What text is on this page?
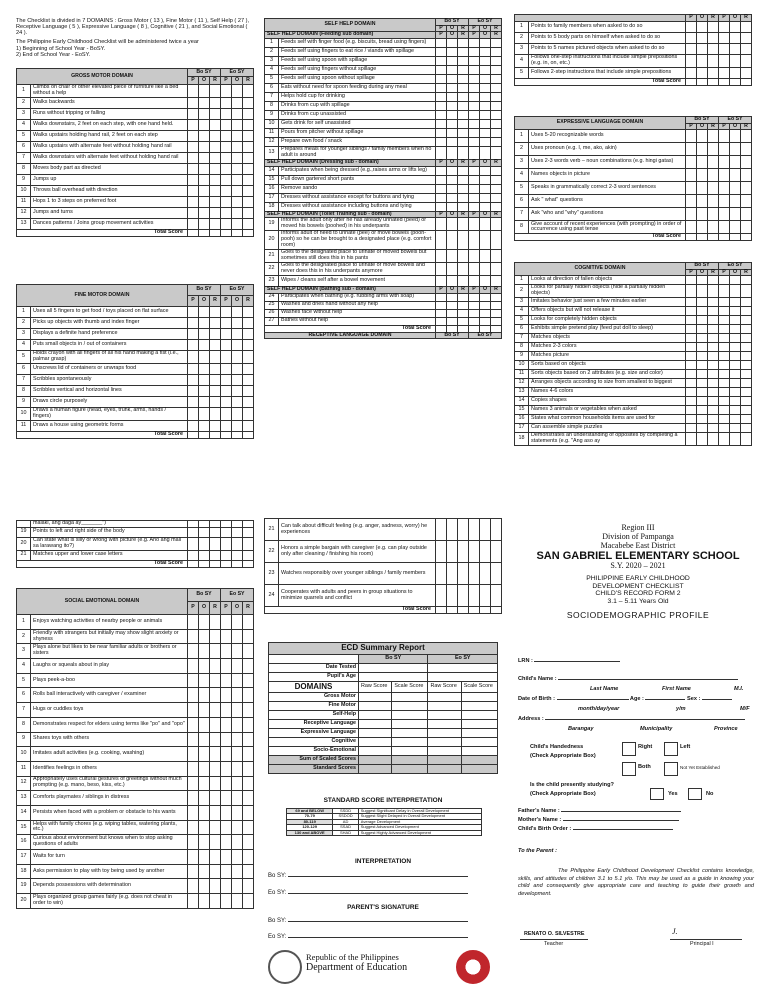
The Checklist is divided in 7 DOMAINS : Gross Motor ( 13 ), Fine Motor ( 11 ), Self Help ( 27 ), Receptive Language ( 5 ), Expressive Language ( 8 ), Cognitive ( 21 ), and Social Emotional ( 24 ).

The Philippine Early Childhood Checklist will be administered twice a year

1) Beginning of School Year - BoSY.
2) End of School Year - EoSY.
GROSS MOTOR DOMAIN		Bo SY			Eo SY		
		P	O	R	P	O	R
1	Climbs on chair or other elevated piece of furniture like a bed without a help						
2	Walks backwards						
3	Runs without tripping or falling						
4	Walks downstairs, 2 feet on each step, with one hand held.						
5	Walks upstairs holding hand rail, 2 feet on each step						
6	Walks upstairs with alternate feet without holding hand rail						
7	Walks downstairs with alternate feet without holding hand rail						
8	Moves body part as directed						
9	Jumps up						
10	Throws ball overhead with direction						
11	Hops 1 to 3 steps on preferred foot						
12	Jumps and turns						
13	Dances patterns / Joins group movement activities						
Total Score							
FINE MOTOR DOMAIN		Bo SY			Eo SY		
		P	O	R	P	O	R
1	Uses all 5 fingers to get food / toys placed on flat surface						
2	Picks up objects with thumb and index finger						
3	Displays a definite hand preference						
4	Puts small objects in / out of containers						
5	Holds crayon with all fingers of all his hand making a fist (i.e., palmar grasp)						
6	Unscrews lid of containers or unwraps food						
7	Scribbles spontaneously						
8	Scribbles vertical and horizontal lines						
9	Draws circle purposely						
10	Draws a human figure (head, eyes, trunk, arms, hands / fingers)						
11	Draws a house using geometric forms						
Total Score							
SELF HELP DOMAIN		Bo SY			Eo SY		
		P	O	R	P	O	R
SELF HELP DOMAIN (Feeding sub domain)		P	O	R	P	O	R
1	Feeds self with finger food (e.g. biscuits, bread using fingers)						
2	Feeds self using fingers to eat rice / viands with spillage						
3	Feeds self using spoon with spillage						
4	Feeds self using fingers without spillage						
5	Feeds self using spoon without spillage						
6	Eats without need for spoon feeding during any meal						
7	Helps hold cup for drinking						
8	Drinks from cup with spillage						
9	Drinks from cup unassisted						
10	Gets drink for self unassisted						
11	Pours from pitcher without spillage						
12	Prepare own food / snack						
13	Prepares meals for younger siblings / family members when no adult is around						
SELF HELP DOMAIN (Dressing sub - domain)		P	O	R	P	O	R
14	Participates when being dressed (e.g.,raises arms or lifts leg)						
15	Pull down gartered short pants						
16	Remove sando						
17	Dresses without assistance except for buttons and tying						
18	Dresses without assistance including buttons and tying						
SELF HELP DOMAIN (Toilet Training sub - domain)		P	O	R	P	O	R
19	Informs the adult only after he has already urinated (peed) or moved his bowels (poohed) in his underpants						
20	Informs adult of need to urinate (pee) or move bowels (pooh-pooh) so he can be brought to a designated place (e.g. comfort room)						
21	Goes to the designated place to urinate or moved bowels but sometimes still does this in his pants						
22	Goes to the designated place to urinate or move bowels and never does this in his underpants anymore						
23	Wipes / cleans self after a bowel movement						
SELF HELP DOMAIN (Bathing sub - domain)		P	O	R	P	O	R
24	Participates when bathing (e.g. rubbing arms with soap)						
25	Washes and dries hand without any help						
26	Washes face without help						
27	Bathes without help						
Total Score							
RECEPTIVE LANGUAGE DOMAIN		Bo SY			Eo SY		
		P	O	R	P	O	R
1	Points to family members when asked to do so						
2	Points to 5 body parts on himself when asked to do so						
3	Points to 5 names pictured objects when asked to do so						
4	Follows one-step instructions that include simple prepositions (e.g. in, on, etc.)						
5	Follows 2-step instructions that include simple prepositions						
Total Score							
EXPRESSIVE LANGUAGE DOMAIN		Bo SY			Eo SY		
		P	O	R	P	O	R
1	Uses 5-20 recognizable words						
2	Uses pronoun (e.g. I, me, ako, akin)						
3	Uses 2-3 words verb – noun combinations (e.g. hingi gatas)						
4	Names objects in picture						
5	Speaks in grammatically correct 2-3 word sentences						
6	Ask " what" questions						
7	Ask "who and "why" questions						
8	Give account of recent experiences (with prompting) in order of occurrence using past tense						
Total Score							
COGNITIVE DOMAIN		Bo SY			Eo SY		
		P	O	R	P	O	R
1	Looks at direction of fallen objects						
2	Looks for partially hidden objects (hide a partially hidden objects)						
3	Imitates behavior just seen a few minutes earlier						
4	Offers objects but will not release it						
5	Looks for completely hidden objects						
6	Exhibits simple pretend play (feed put doll to sleep)						
7	Matches objects						
8	Matches 2-3 colors						
9	Matches picture						
10	Sorts based on objects						
11	Sorts objects based on 2 attributes (e.g. size and color)						
12	Arranges objects according to size from smallest to biggest						
13	Names 4-6 colors						
14	Copies shapes						
15	Names 3 animals or vegetables when asked						
16	States what common households items are used for						
17	Can assemble simple puzzles						
18	Demonstrates an understanding of opposites by completing a statements (e.g. "Ang aso ay						
	malaki, ang daga ay_______")						
19	Points to left and right side of the body						
20	Can state what is silly or wrong with picture (e.g. Ano ang mali sa larawang ito?)						
21	Matches upper and lower case letters						
Total Score							
SOCIAL EMOTIONAL DOMAIN		Bo SY			Eo SY		
		P	O	R	P	O	R
1	Enjoys watching activities of nearby people or animals						
2	Friendly with strangers but initially may show slight anxiety or shyness						
3	Plays alone but likes to be near familiar adults or brothers or sisters						
4	Laughs or squeals about in play						
5	Plays peek-a-boo						
6	Rolls ball interactively with caregiver / examiner						
7	Hugs or cuddles toys						
8	Demonstrates respect for elders using terms like "po" and "opo"						
9	Shares toys with others						
10	Imitates adult activities (e.g. cooking, washing)						
11	Identifies feelings in others						
12	Appropriately uses cultural gestures of greetings without much prompting (e.g. mano, beso, kiss, etc.)						
13	Comforts playmates / siblings in distress						
14	Persists when faced with a problem or obstacle to his wants						
15	Helps with family chores (e.g. wiping tables, watering plants, etc.)						
16	Curious about environment but knows when to stop asking questions of adults						
17	Waits for turn						
18	Asks permission to play with toy being used by another						
19	Depends possessions with determination						
20	Plays organized group games fairly (e.g. does not cheat in order to win)						
21	Can talk about difficult feeling (e.g. anger, sadness, worry) he experiences						
22	Honors a simple bargain with caregiver (e.g. can play outside only after cleaning / finishing his room)						
23	Watches responsibly over younger siblings / family members						
24	Cooperates with adults and peers in group situations to minimize quarrels and conflict						
Total Score							
ECD Summary Report				
	Bo SY		Eo SY	
Date Tested				
Pupil's Age				
DOMAINS	Raw Score	Scale Score	Raw Score	Scale Score
Gross Motor				
Fine Motor				
Self-Help				
Receptive Language				
Expressive Language				
Cognitive				
Socio-Emotional				
Sum of Scaled Scores				
Standard Scores				
STANDARD SCORE INTERPRETATION
69 and BELOW	SSDD	Suggest Significant Delay in Overall Development
70-79	SSDOD	Suggest Slight Delayed in Overall Development
80-119	AD	Average Development
120-129	SSAD	Suggest Advanced Development
130 and ABOVE	SHAD	Suggest Highly Advanced Development
INTERPRETATION
Bo SY:
Eo SY:
PARENT'S SIGNATURE
Bo SY:
Eo SY:
Republic of the Philippines
Department of Education
Region III
Division of Pampanga
Macabebe East District
SAN GABRIEL ELEMENTARY SCHOOL
S.Y. 2020 – 2021
PHILIPPINE EARLY CHILDHOOD
DEVELOPMENT CHECKLIST
CHILD'S RECORD FORM 2
3.1 – 5.11 Years Old
SOCIODEMOGRAPHIC PROFILE
LRN :
Child's Name :
Last Name	First Name	M.I.
Date of Birth :	Age :	Sex :
month/day/year	y/m	M/F
Address :
Barangay	Municipality	Province
Child's Handedness
(Check Appropriate Box)
Right	Left
Both	Not Yet Established
Is the child presently studying?
(Check Appropriate Box)	Yes	No
Father's Name :
Mother's Name :
Child's Birth Order :
To the Parent :
The Philippine Early Childhood Development Checklist contains knowledge, skills, and attitudes of children 3.1 to 5.1 y/o. This may be used as a guide in knowing your child and consequently give appropriate care and teaching to guide their growth and development.
RENATO O. SILVESTRE
Teacher
J.
Principal I
